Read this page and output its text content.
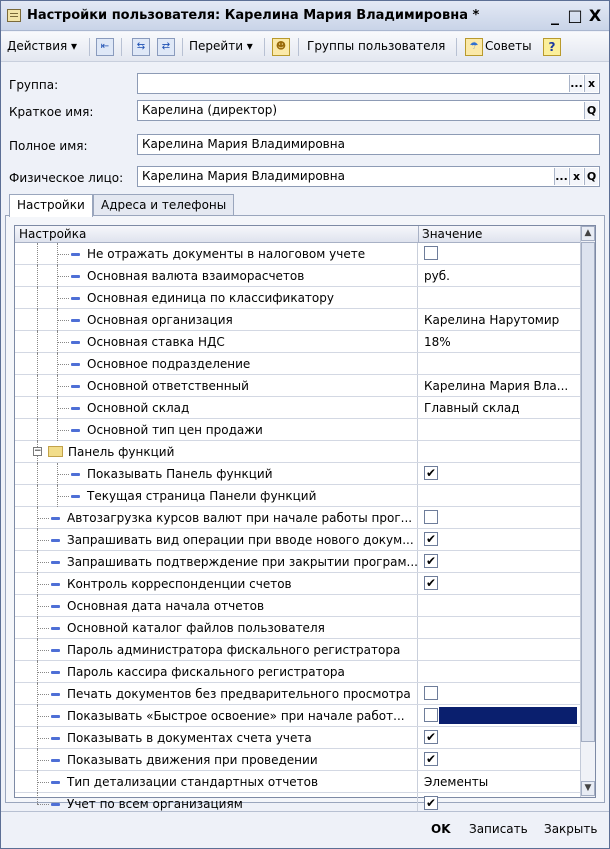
Настройки пользователя: Карелина Мария Владимировна *	_ □ X
Действия ▾	⇤	⇆	⇄	Перейти ▾	☻	Группы пользователя	☂ Советы	?
Группа:	... x
Краткое имя:	Карелина (директор)	Q
Полное имя:	Карелина Мария Владимировна
Физическое лицо:	Карелина Мария Владимировна	... x Q
Настройки	Адреса и телефоны
Настройка	Значение
Не отражать документы в налоговом учете
Основная валюта взаиморасчетов	руб.
Основная единица по классификатору
Основная организация	Карелина Нарутомир
Основная ставка НДС	18%
Основное подразделение
Основной ответственный	Карелина Мария Вла...
Основной склад	Главный склад
Основной тип цен продажи
− Панель функций
Показывать Панель функций	✔
Текущая страница Панели функций
Автозагрузка курсов валют при начале работы прог...
Запрашивать вид операции при вводе нового докум... ✔
Запрашивать подтверждение при закрытии програм... ✔
Контроль корреспонденции счетов	✔
Основная дата начала отчетов
Основной каталог файлов пользователя
Пароль администратора фискального регистратора
Пароль кассира фискального регистратора
Печать документов без предварительного просмотра
Показывать «Быстрое освоение» при начале работ...
Показывать в документах счета учета	✔
Показывать движения при проведении	✔
Тип детализации стандартных отчетов	Элементы
Учет по всем организациям	✔
▲
▼
OK Записать Закрыть
